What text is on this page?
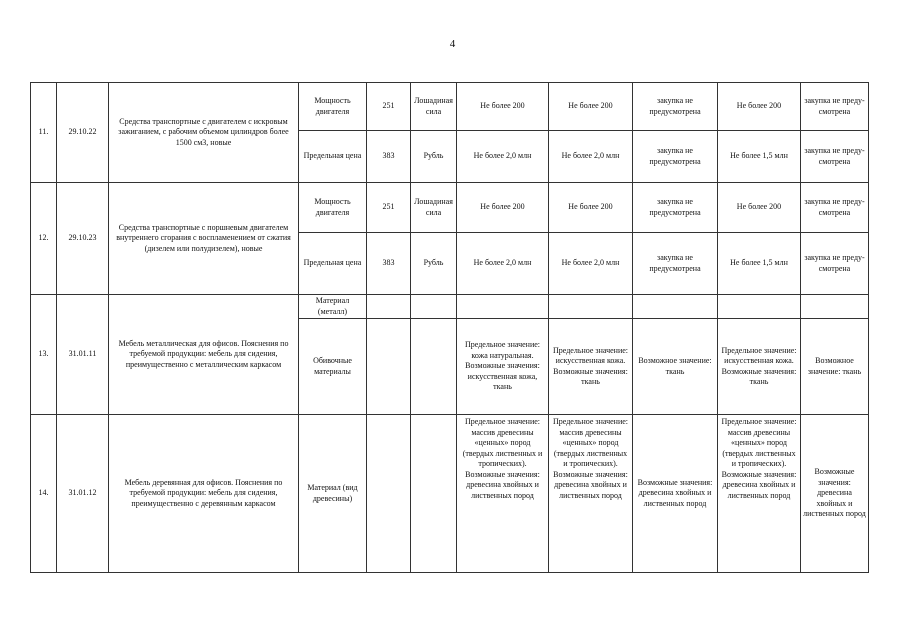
4
11.	29.10.22	Средства транспортные с двигателем с искровым зажиганием, с рабочим объемом цилиндров более 1500 см3, новые	Мощность двигателя	251	Лошадиная сила	Не более 200	Не более 200	закупка не предусмотрена	Не более 200	закупка не преду-смотрена
			Предельная цена	383	Рубль	Не более 2,0 млн	Не более 2,0 млн	закупка не предусмотрена	Не более 1,5 млн	закупка не преду-смотрена
12.	29.10.23	Средства транспортные с поршневым двигателем внутреннего сгорания с воспламенением от сжатия (дизелем или полудизелем), новые	Мощность двигателя	251	Лошадиная сила	Не более 200	Не более 200	закупка не предусмотрена	Не более 200	закупка не преду-смотрена
			Предельная цена	383	Рубль	Не более 2,0 млн	Не более 2,0 млн	закупка не предусмотрена	Не более 1,5 млн	закупка не преду-смотрена
13.	31.01.11	Мебель металлическая для офисов. Пояснения по требуемой продукции: мебель для сидения, преимущественно с металлическим каркасом	Материал (металл)							
			Обивочные материалы			Предельное значение: кожа натуральная. Возможные значения: искусственная кожа, ткань	Предельное значение: искусственная кожа. Возможные значения: ткань	Возможное значение: ткань	Предельное значение: искусственная кожа. Возможные значения: ткань	Возможное значение: ткань
14.	31.01.12	Мебель деревянная для офисов. Пояснения по требуемой продукции: мебель для сидения, преимущественно с деревянным каркасом	Материал (вид древесины)			Предельное значение: массив древесины «ценных» пород (твердых лиственных и тропических). Возможные значения: древесина хвойных и лиственных пород	Предельное значение: массив древесины «ценных» пород (твердых лиственных и тропических). Возможные значения: древесина хвойных и лиственных пород	Возможные значения: древесина хвойных и лиственных пород	Предельное значение: массив древесины «ценных» пород (твердых лиственных и тропических). Возможные значения: древесина хвойных и лиственных пород	Возможные значения: древесина хвойных и лиственных пород
